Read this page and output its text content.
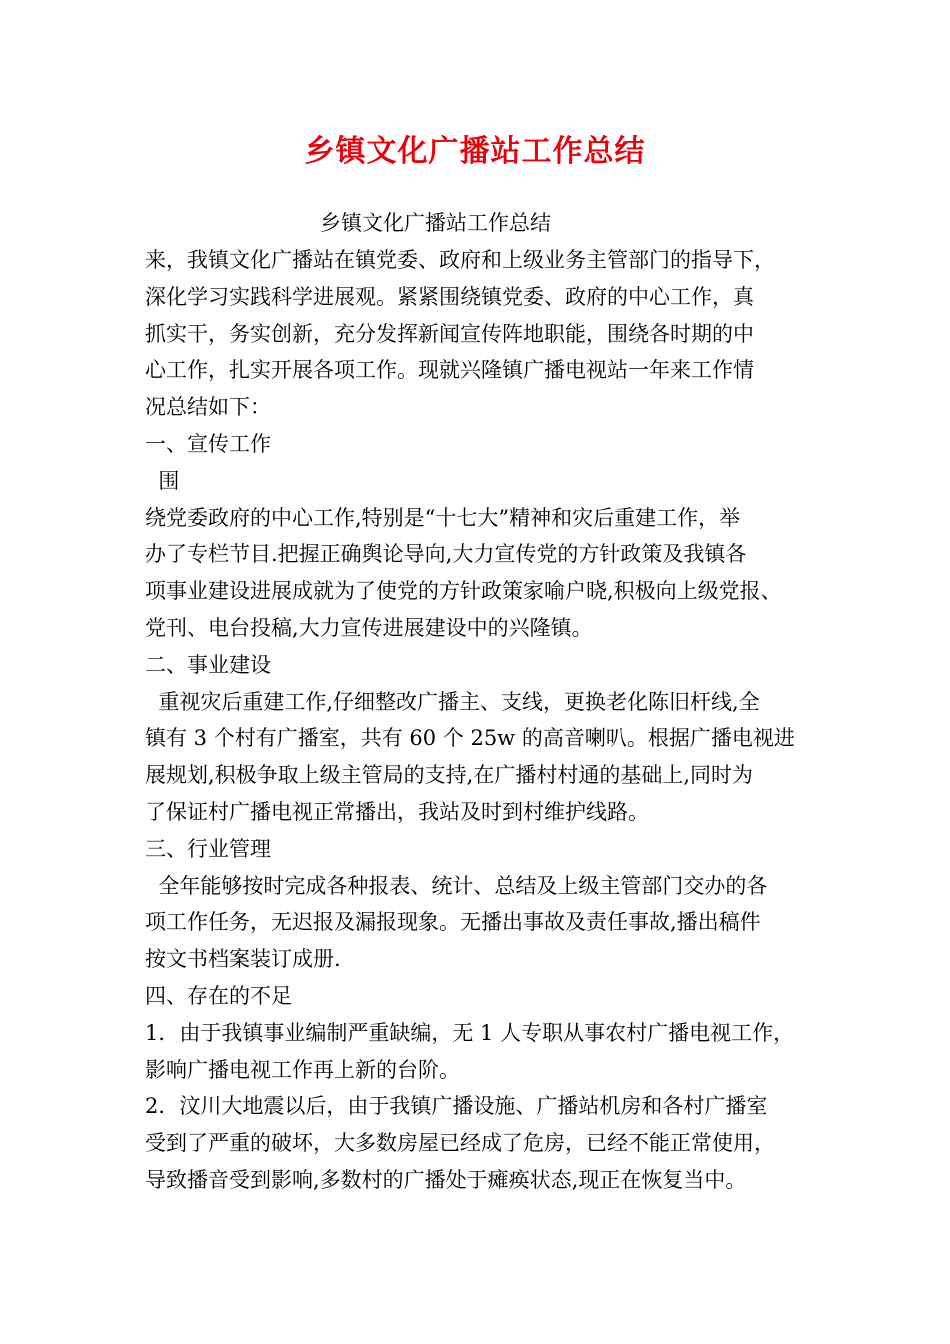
乡镇文化广播站工作总结
乡镇文化广播站工作总结
来，我镇文化广播站在镇党委、政府和上级业务主管部门的指导下，
深化学习实践科学进展观。紧紧围绕镇党委、政府的中心工作，真
抓实干，务实创新，充分发挥新闻宣传阵地职能，围绕各时期的中
心工作，扎实开展各项工作。现就兴隆镇广播电视站一年来工作情
况总结如下：
一、宣传工作
围
绕党委政府的中心工作,特别是“十七大”精神和灾后重建工作，举
办了专栏节目.把握正确舆论导向,大力宣传党的方针政策及我镇各
项事业建设进展成就为了使党的方针政策家喻户晓,积极向上级党报、
党刊、电台投稿,大力宣传进展建设中的兴隆镇。
二、事业建设
重视灾后重建工作,仔细整改广播主、支线，更换老化陈旧杆线,全
镇有 3 个村有广播室，共有 60 个 25w 的高音喇叭。根据广播电视进
展规划,积极争取上级主管局的支持,在广播村村通的基础上,同时为
了保证村广播电视正常播出，我站及时到村维护线路。
三、行业管理
全年能够按时完成各种报表、统计、总结及上级主管部门交办的各
项工作任务，无迟报及漏报现象。无播出事故及责任事故,播出稿件
按文书档案装订成册.
四、存在的不足
1．由于我镇事业编制严重缺编，无 1 人专职从事农村广播电视工作，
影响广播电视工作再上新的台阶。
2．汶川大地震以后，由于我镇广播设施、广播站机房和各村广播室
受到了严重的破坏，大多数房屋已经成了危房，已经不能正常使用，
导致播音受到影响,多数村的广播处于瘫痪状态,现正在恢复当中。
